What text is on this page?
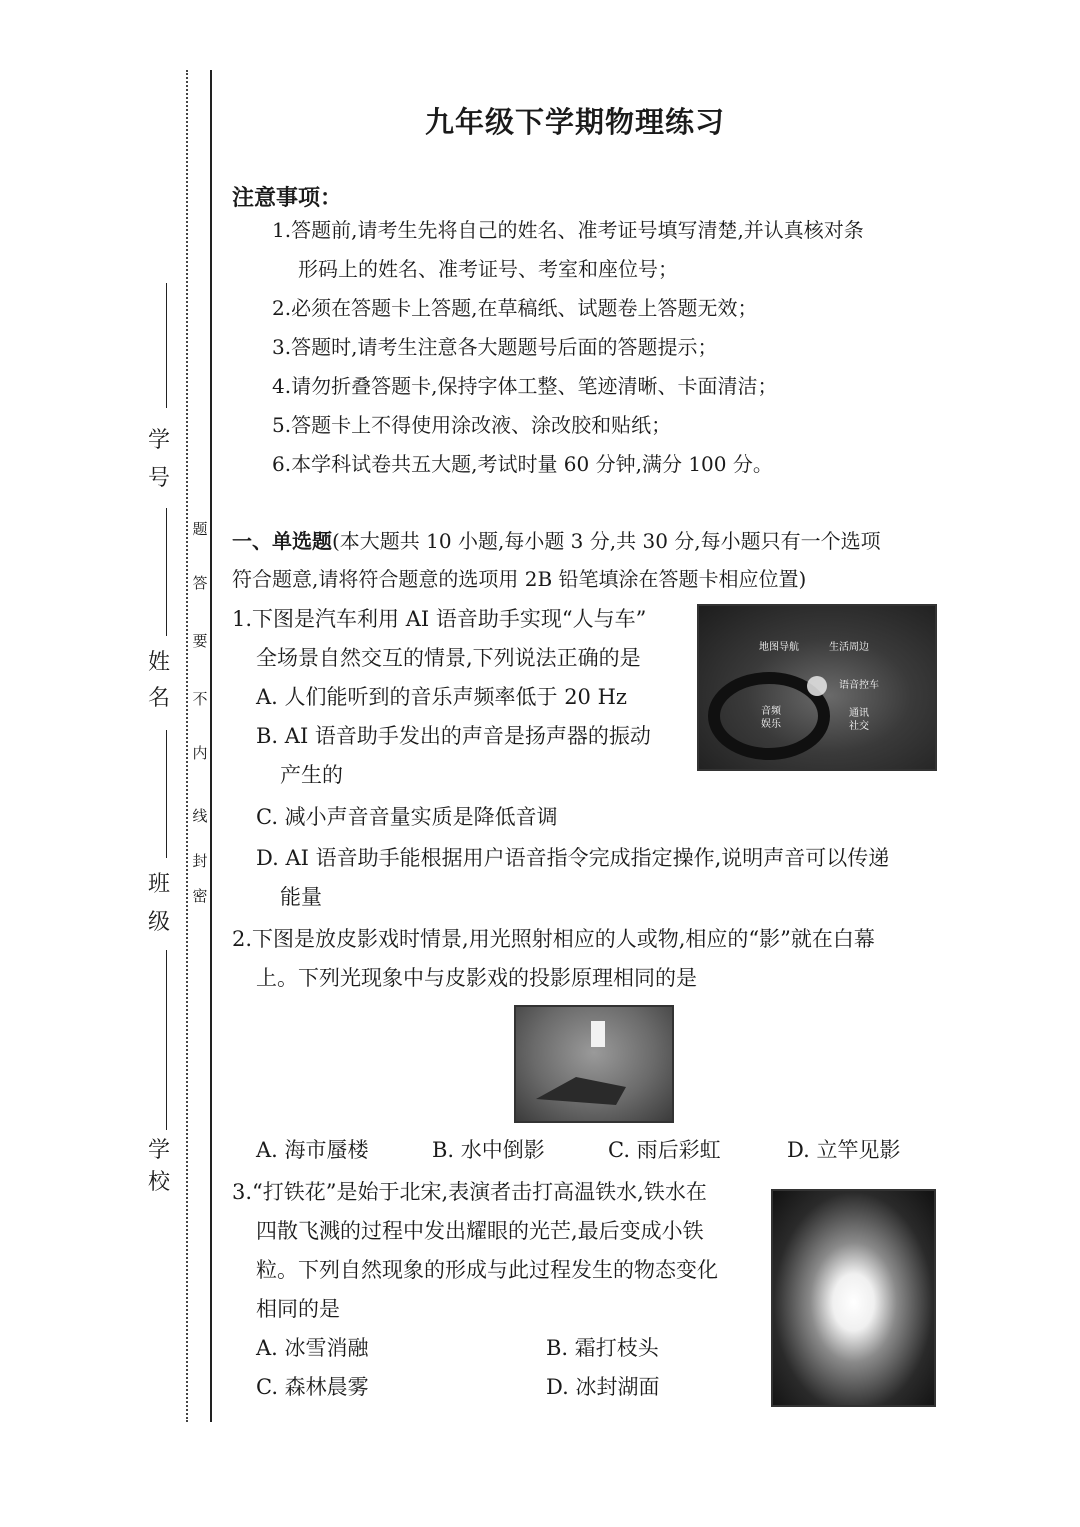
学
号
姓
名
班
级
学
校
密
封
线
内
不
要
答
题
九年级下学期物理练习
注意事项：
1.答题前,请考生先将自己的姓名、准考证号填写清楚,并认真核对条
形码上的姓名、准考证号、考室和座位号；
2.必须在答题卡上答题,在草稿纸、试题卷上答题无效；
3.答题时,请考生注意各大题题号后面的答题提示；
4.请勿折叠答题卡,保持字体工整、笔迹清晰、卡面清洁；
5.答题卡上不得使用涂改液、涂改胶和贴纸；
6.本学科试卷共五大题,考试时量 60 分钟,满分 100 分。
一、单选题(本大题共 10 小题,每小题 3 分,共 30 分,每小题只有一个选项
符合题意,请将符合题意的选项用 2B 铅笔填涂在答题卡相应位置)
1.下图是汽车利用 AI 语音助手实现“人与车”
全场景自然交互的情景,下列说法正确的是
A. 人们能听到的音乐声频率低于 20 Hz
B. AI 语音助手发出的声音是扬声器的振动
产生的
C. 减小声音音量实质是降低音调
D. AI 语音助手能根据用户语音指令完成指定操作,说明声音可以传递
能量
地图导航	生活周边
语音控车
音频
娱乐
通讯
社交
2.下图是放皮影戏时情景,用光照射相应的人或物,相应的“影”就在白幕
上。下列光现象中与皮影戏的投影原理相同的是
A. 海市蜃楼	B. 水中倒影	C. 雨后彩虹	D. 立竿见影
3.“打铁花”是始于北宋,表演者击打高温铁水,铁水在
四散飞溅的过程中发出耀眼的光芒,最后变成小铁
粒。下列自然现象的形成与此过程发生的物态变化
相同的是
A. 冰雪消融	B. 霜打枝头
C. 森林晨雾	D. 冰封湖面
